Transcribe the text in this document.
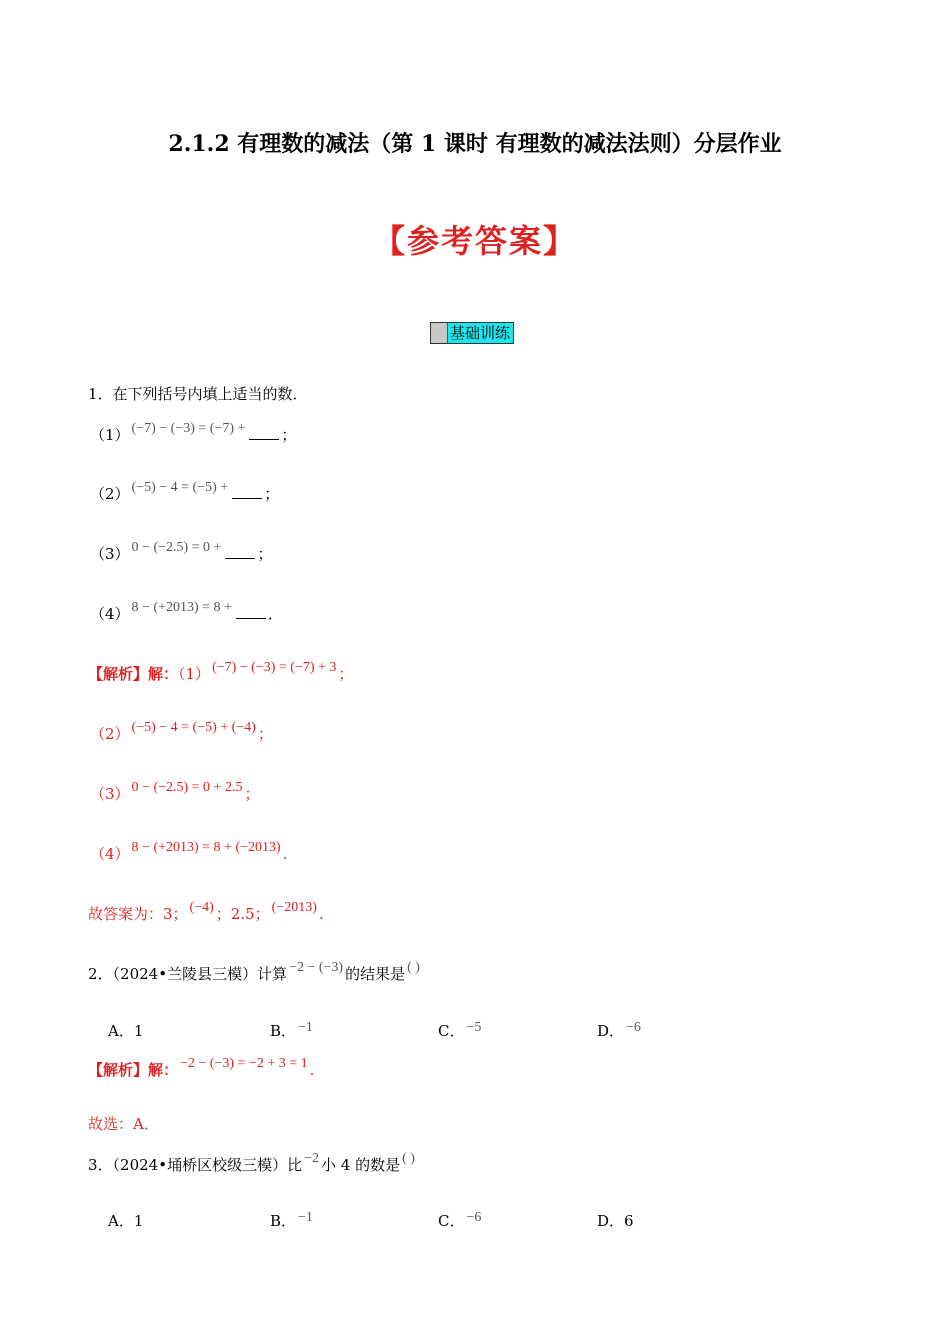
2.1.2 有理数的减法（第 1 课时 有理数的减法法则）分层作业
【参考答案】
基础训练
1．在下列括号内填上适当的数．
（1） (−7) − (−3) = (−7) + ；
（2） (−5) − 4 = (−5) + ；
（3） 0 − (−2.5) = 0 + ；
（4） 8 − (+2013) = 8 + ．
【解析】解：（1） (−7) − (−3) = (−7) + 3 ；
（2） (−5) − 4 = (−5) + (−4) ；
（3） 0 − (−2.5) = 0 + 2.5 ；
（4） 8 − (+2013) = 8 + (−2013) .
故答案为：3； (−4) ；2.5； (−2013) .
2．（2024•兰陵县三模）计算 −2 − (−3) 的结果是 ( )
A．1	B． −1	C． −5	D． −6
【解析】解： −2 − (−3) = −2 + 3 = 1 .
故选：A．
3．（2024•埇桥区校级三模）比 −2 小 4 的数是 ( )
A．1	B． −1	C． −6	D．6
